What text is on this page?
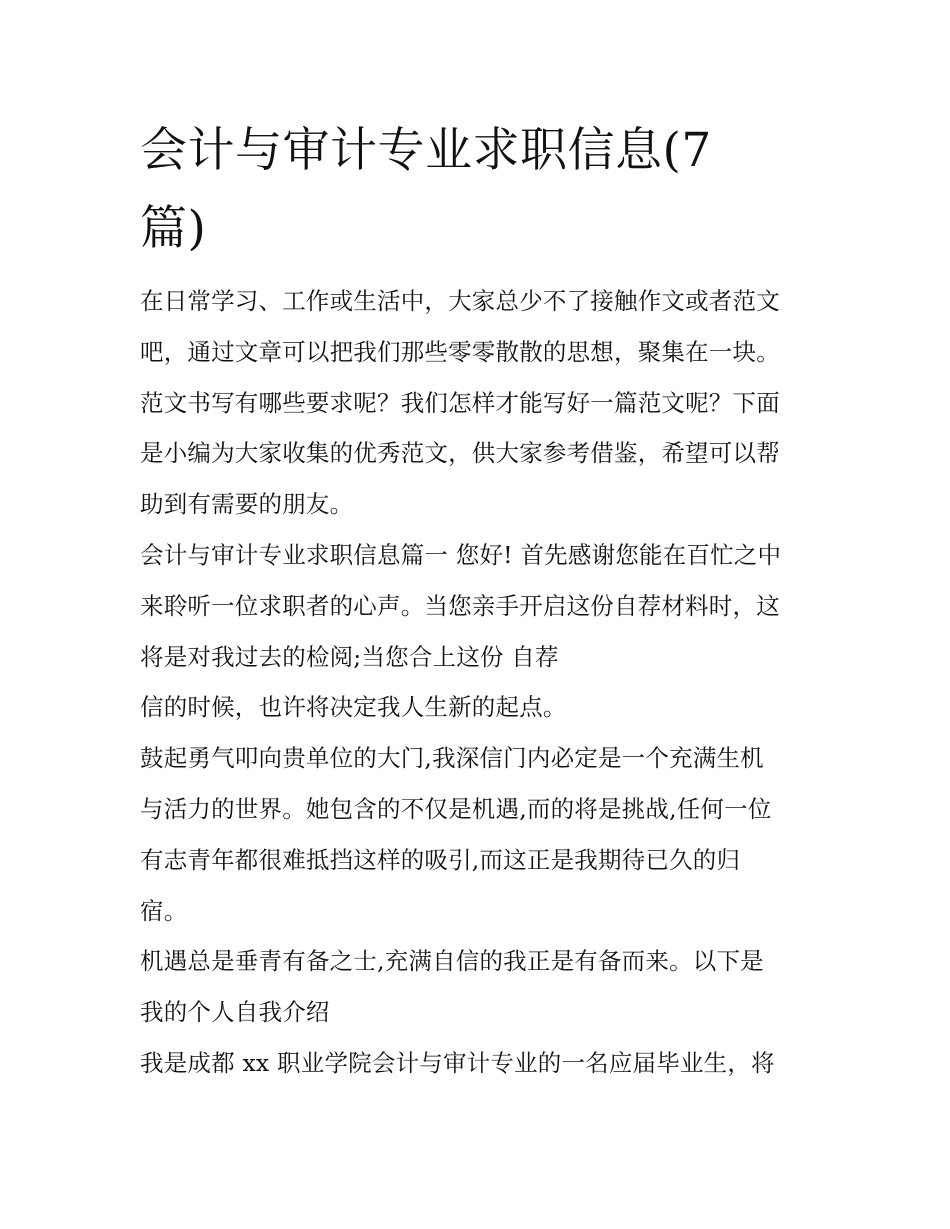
会计与审计专业求职信息(7
篇)
在日常学习、工作或生活中，大家总少不了接触作文或者范文
吧，通过文章可以把我们那些零零散散的思想，聚集在一块。
范文书写有哪些要求呢？我们怎样才能写好一篇范文呢？下面
是小编为大家收集的优秀范文，供大家参考借鉴，希望可以帮
助到有需要的朋友。
会计与审计专业求职信息篇一 您好! 首先感谢您能在百忙之中
来聆听一位求职者的心声。当您亲手开启这份自荐材料时，这
将是对我过去的检阅;当您合上这份 自荐
信的时候，也许将决定我人生新的起点。
鼓起勇气叩向贵单位的大门,我深信门内必定是一个充满生机
与活力的世界。她包含的不仅是机遇,而的将是挑战,任何一位
有志青年都很难抵挡这样的吸引,而这正是我期待已久的归
宿。
机遇总是垂青有备之士,充满自信的我正是有备而来。以下是
我的个人自我介绍
我是成都 xx 职业学院会计与审计专业的一名应届毕业生，将
